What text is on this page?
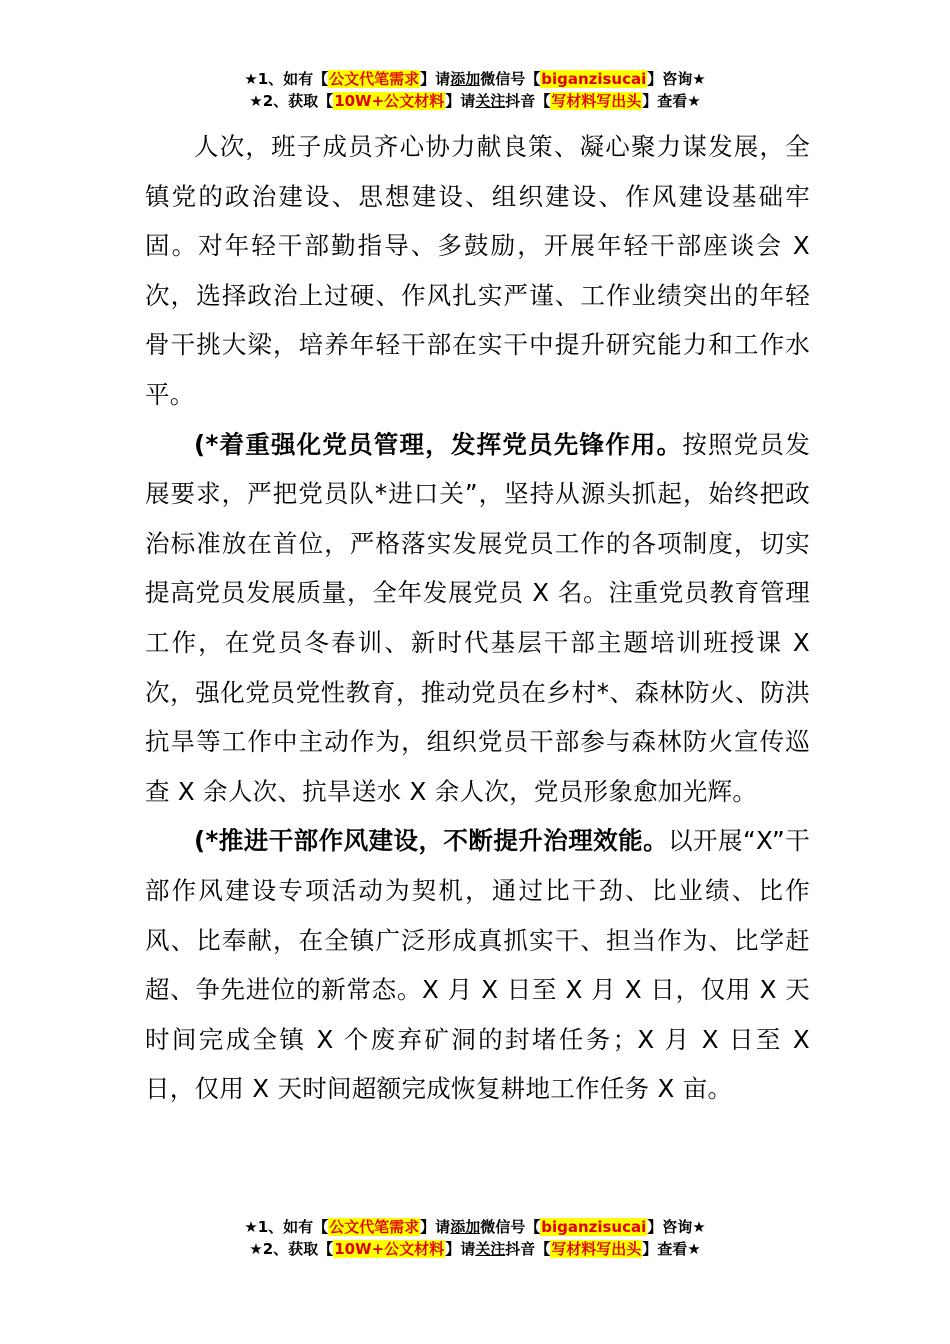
★1、如有【公文代笔需求】请添加微信号【biganzisucai】咨询★
★2、获取【10W+公文材料】请关注抖音【写材料写出头】查看★

人次，班子成员齐心协力献良策、凝心聚力谋发展，全镇党的政治建设、思想建设、组织建设、作风建设基础牢固。对年轻干部勤指导、多鼓励，开展年轻干部座谈会 X 次，选择政治上过硬、作风扎实严谨、工作业绩突出的年轻骨干挑大梁，培养年轻干部在实干中提升研究能力和工作水平。

(*着重强化党员管理，发挥党员先锋作用。按照党员发展要求，严把党员队*进口关”，坚持从源头抓起，始终把政治标准放在首位，严格落实发展党员工作的各项制度，切实提高党员发展质量，全年发展党员 X 名。注重党员教育管理工作，在党员冬春训、新时代基层干部主题培训班授课 X 次，强化党员党性教育，推动党员在乡村*、森林防火、防洪抗旱等工作中主动作为，组织党员干部参与森林防火宣传巡查 X 余人次、抗旱送水 X 余人次，党员形象愈加光辉。

(*推进干部作风建设，不断提升治理效能。以开展“X”干部作风建设专项活动为契机，通过比干劲、比业绩、比作风、比奉献，在全镇广泛形成真抓实干、担当作为、比学赶超、争先进位的新常态。X 月 X 日至 X 月 X 日，仅用 X 天时间完成全镇 X 个废弃矿洞的封堵任务；X 月 X 日至 X 日，仅用 X 天时间超额完成恢复耕地工作任务 X 亩。

★1、如有【公文代笔需求】请添加微信号【biganzisucai】咨询★
★2、获取【10W+公文材料】请关注抖音【写材料写出头】查看★
